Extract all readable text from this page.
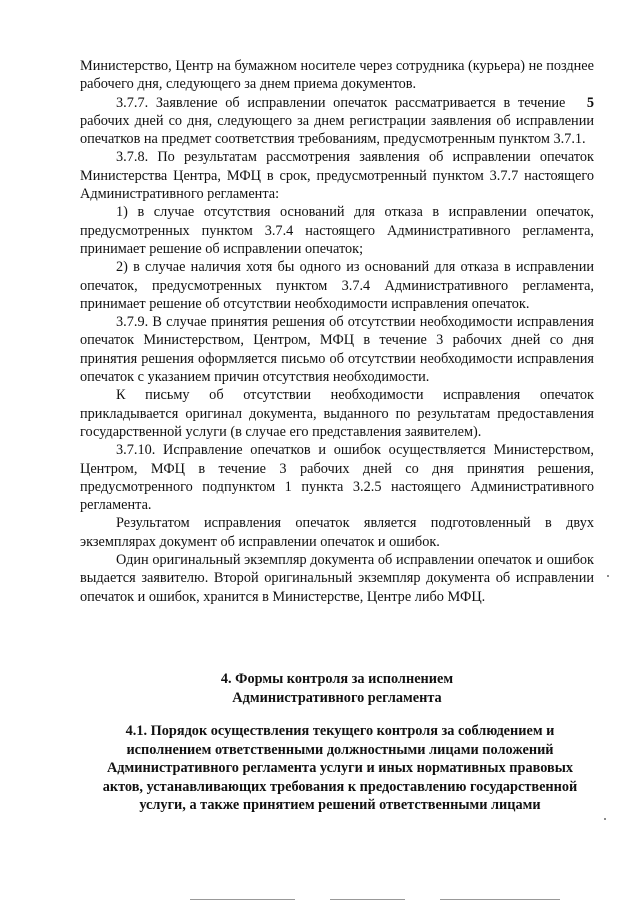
Министерство, Центр на бумажном носителе через сотрудника (курьера) не позднее рабочего дня, следующего за днем приема документов.

3.7.7. Заявление об исправлении опечаток рассматривается в течение   5 рабочих дней со дня, следующего за днем регистрации заявления об исправлении опечатков на предмет соответствия требованиям, предусмотренным пунктом 3.7.1.

3.7.8. По результатам рассмотрения заявления об исправлении опечаток Министерства Центра, МФЦ в срок, предусмотренный пунктом 3.7.7 настоящего Административного регламента:

1) в случае отсутствия оснований для отказа в исправлении опечаток, предусмотренных пунктом 3.7.4 настоящего Административного регламента, принимает решение об исправлении опечаток;

2) в случае наличия хотя бы одного из оснований для отказа в исправлении опечаток, предусмотренных пунктом 3.7.4 Административного регламента, принимает решение об отсутствии необходимости исправления опечаток.

3.7.9. В случае принятия решения об отсутствии необходимости исправления опечаток Министерством, Центром, МФЦ в течение 3 рабочих дней со дня принятия решения оформляется письмо об отсутствии необходимости исправления опечаток с указанием причин отсутствия необходимости.

К письму об отсутствии необходимости исправления опечаток прикладывается оригинал документа, выданного по результатам предоставления государственной услуги (в случае его представления заявителем).

3.7.10. Исправление опечатков и ошибок осуществляется Министерством, Центром, МФЦ в течение 3 рабочих дней со дня принятия решения, предусмотренного подпунктом 1 пункта 3.2.5 настоящего Административного регламента.

Результатом исправления опечаток является подготовленный в двух экземплярах документ об исправлении опечаток и ошибок.

Один оригинальный экземпляр документа об исправлении опечаток и ошибок выдается заявителю. Второй оригинальный экземпляр документа об исправлении опечаток и ошибок, хранится в Министерстве, Центре либо МФЦ.

4. Формы контроля за исполнением
Административного регламента
4.1. Порядок осуществления текущего контроля за соблюдением и
исполнением ответственными должностными лицами положений
Административного регламента услуги и иных нормативных правовых
актов, устанавливающих требования к предоставлению государственной
услуги, а также принятием решений ответственными лицами
